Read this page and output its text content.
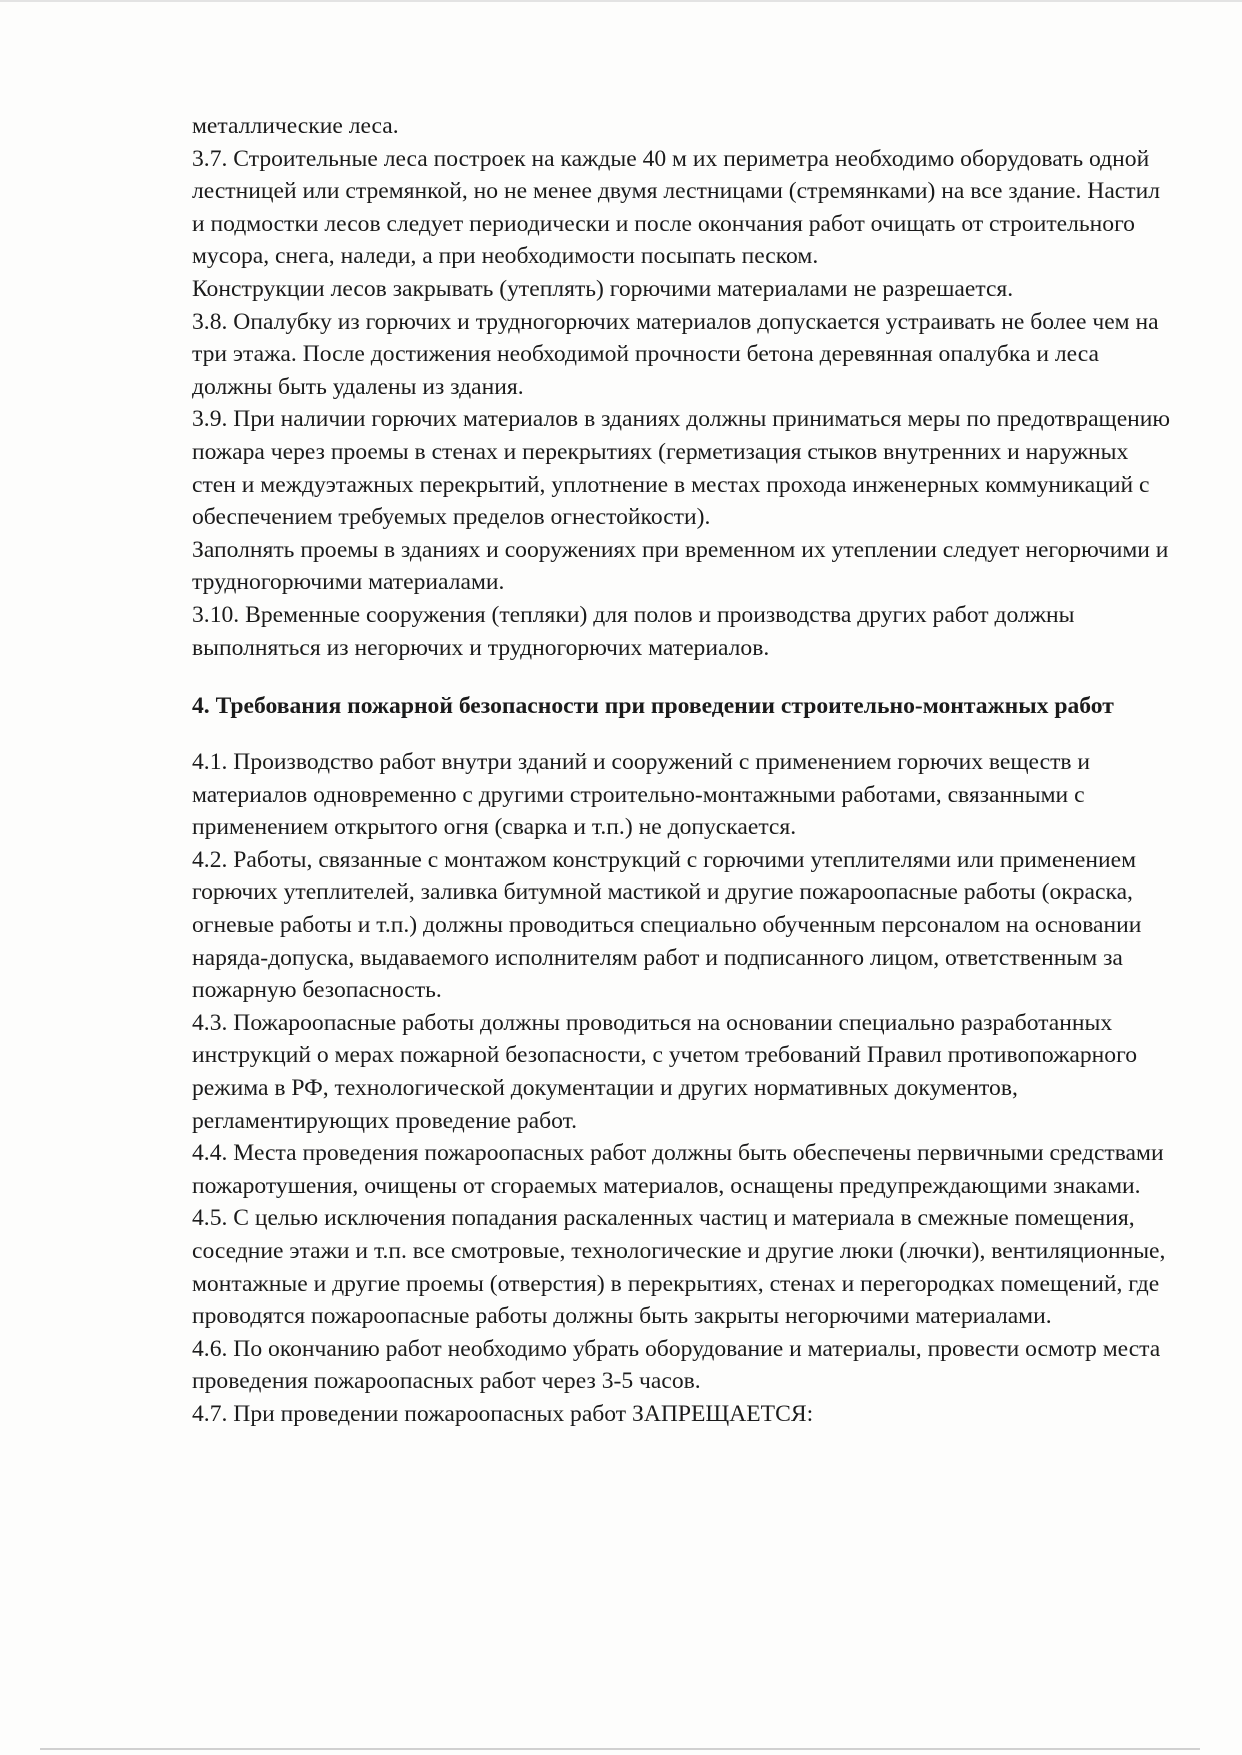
металлические леса.

3.7. Строительные леса построек на каждые 40 м их периметра необходимо оборудовать одной лестницей или стремянкой, но не менее двумя лестницами (стремянками) на все здание. Настил и подмостки лесов следует периодически и после окончания работ очищать от строительного мусора, снега, наледи, а при необходимости посыпать песком.

Конструкции лесов закрывать (утеплять) горючими материалами не разрешается.

3.8. Опалубку из горючих и трудногорючих материалов допускается устраивать не более чем на три этажа. После достижения необходимой прочности бетона деревянная опалубка и леса должны быть удалены из здания.

3.9. При наличии горючих материалов в зданиях должны приниматься меры по предотвращению пожара через проемы в стенах и перекрытиях (герметизация стыков внутренних и наружных стен и междуэтажных перекрытий, уплотнение в местах прохода инженерных коммуникаций с обеспечением требуемых пределов огнестойкости).

Заполнять проемы в зданиях и сооружениях при временном их утеплении следует негорючими и трудногорючими материалами.

3.10. Временные сооружения (тепляки) для полов и производства других работ должны выполняться из негорючих и трудногорючих материалов.

4. Требования пожарной безопасности при проведении строительно-монтажных работ

4.1. Производство работ внутри зданий и сооружений с применением горючих веществ и материалов одновременно с другими строительно-монтажными работами, связанными с применением открытого огня (сварка и т.п.) не допускается.

4.2. Работы, связанные с монтажом конструкций с горючими утеплителями или применением горючих утеплителей, заливка битумной мастикой и другие пожароопасные работы (окраска, огневые работы и т.п.) должны проводиться специально обученным персоналом на основании наряда-допуска, выдаваемого исполнителям работ и подписанного лицом, ответственным за пожарную безопасность.

4.3. Пожароопасные работы должны проводиться на основании специально разработанных инструкций о мерах пожарной безопасности, с учетом требований Правил противопожарного режима в РФ, технологической документации и других нормативных документов, регламентирующих проведение работ.

4.4. Места проведения пожароопасных работ должны быть обеспечены первичными средствами пожаротушения, очищены от сгораемых материалов, оснащены предупреждающими знаками.

4.5. С целью исключения попадания раскаленных частиц и материала в смежные помещения, соседние этажи и т.п. все смотровые, технологические и другие люки (лючки), вентиляционные, монтажные и другие проемы (отверстия) в перекрытиях, стенах и перегородках помещений, где проводятся пожароопасные работы должны быть закрыты негорючими материалами.

4.6. По окончанию работ необходимо убрать оборудование и материалы, провести осмотр места проведения пожароопасных работ через 3-5 часов.

4.7. При проведении пожароопасных работ ЗАПРЕЩАЕТСЯ:
